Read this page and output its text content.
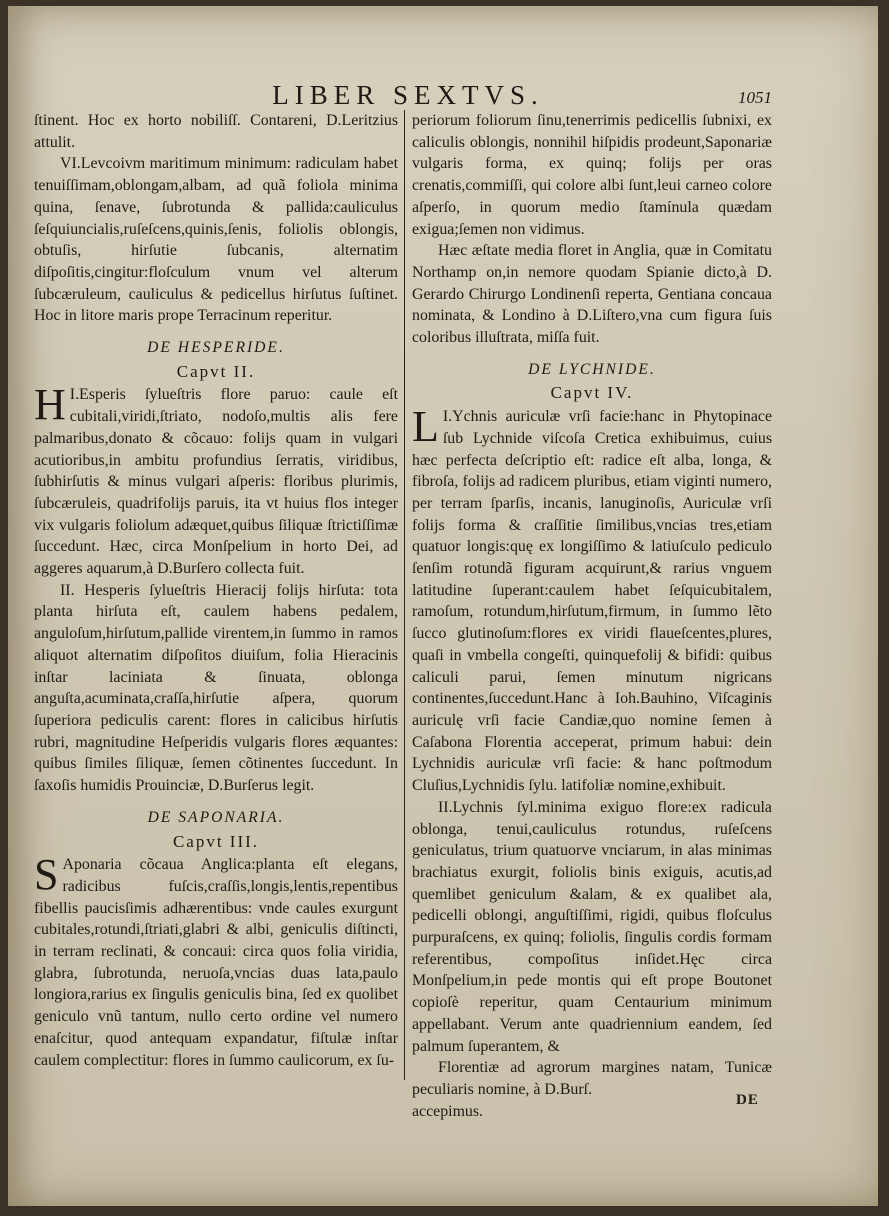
LIBER SEXTVS.	1051

ſtinent. Hoc ex horto nobiliſſ. Contareni, D.Leritzius attulit.

VI.Levcoivm maritimum minimum: radiculam habet tenuiſſimam,oblongam,albam, ad quã foliola minima quina, ſenave, ſubrotunda & pallida:cauliculus ſeſquiuncialis,ruſeſcens,quinis,ſenis, foliolis oblongis, obtuſis, hirſutie ſubcanis, alternatim diſpoſitis,cingitur:floſculum vnum vel alterum ſubcæruleum, cauliculus & pedicellus hirſutus ſuſtinet. Hoc in litore maris prope Terracinum reperitur.

DE HESPERIDE.
Capvt II.

I.
H Esperis ſylueſtris flore paruo: caule eſt cubitali,viridi,ſtriato, nodoſo,multis alis fere palmaribus,donato & cõcauo: folijs quam in vulgari acutioribus,in ambitu profundius ſerratis, viridibus, ſubhirſutis & minus vulgari aſperis: floribus plurimis, ſubcæruleis, quadrifolijs paruis, ita vt huius flos integer vix vulgaris foliolum adæquet,quibus ſiliquæ ſtrictiſſimæ ſuccedunt. Hæc, circa Monſpelium in horto Dei, ad aggeres aquarum,à D.Burſero collecta fuit.

II. Hesperis ſylueſtris Hieracij folijs hirſuta: tota planta hirſuta eſt, caulem habens pedalem, anguloſum,hirſutum,pallide virentem,in ſummo in ramos aliquot alternatim diſpoſitos diuiſum, folia Hieracinis inſtar laciniata & ſinuata, oblonga anguſta,acuminata,craſſa,hirſutie aſpera, quorum ſuperiora pediculis carent: flores in calicibus hirſutis rubri, magnitudine Heſperidis vulgaris flores æquantes: quibus ſimiles ſiliquæ, ſemen cõtinentes ſuccedunt. In ſaxoſis humidis Prouinciæ, D.Burſerus legit.

DE SAPONARIA.
Capvt III.

S Aponaria cõcaua Anglica:planta eſt elegans, radicibus fuſcis,craſſis,longis,lentis,repentibus fibellis paucisſimis adhærentibus: vnde caules exurgunt cubitales,rotundi,ſtriati,glabri & albi, geniculis diſtincti, in terram reclinati, & concaui: circa quos folia viridia, glabra, ſubrotunda, neruoſa,vncias duas lata,paulo longiora,rarius ex ſingulis geniculis bina, ſed ex quolibet geniculo vnũ tantum, nullo certo ordine vel numero enaſcitur, quod antequam expandatur, fiſtulæ inſtar caulem complectitur: flores in ſummo caulicorum, ex ſu-

periorum foliorum ſinu,tenerrimis pedicellis ſubnixi, ex caliculis oblongis, nonnihil hiſpidis prodeunt,Saponariæ vulgaris forma, ex quinq; folijs per oras crenatis,commiſſi, qui colore albi ſunt,leui carneo colore aſperſo, in quorum medio ſtamínula quædam exigua;ſemen non vidimus.

Hæc æſtate media floret in Anglia, quæ in Comitatu Northamp on,in nemore quodam Spianie dicto,à D. Gerardo Chirurgo Londinenſi reperta, Gentiana concaua nominata, & Londino à D.Liſtero,vna cum figura ſuis coloribus illuſtrata, miſſa fuit.

DE LYCHNIDE.
Capvt IV.

I.
L Ychnis auriculæ vrſi facie:hanc in Phytopinace ſub Lychnide viſcoſa Cretica exhibuimus, cuius hæc perfecta deſcriptio eſt: radice eſt alba, longa, & fibroſa, folijs ad radicem pluribus, etiam viginti numero, per terram ſparſis, incanis, lanuginoſis, Auriculæ vrſi folijs forma & craſſitie ſimilibus,vncias tres,etiam quatuor longis:quę ex longiſſimo & latiuſculo pediculo ſenſim rotundã figuram acquirunt,& rarius vnguem latitudine ſuperant:caulem habet ſeſquicubitalem, ramoſum, rotundum,hirſutum,firmum, in ſummo lẽto ſucco glutinoſum:flores ex viridi flaueſcentes,plures, quaſi in vmbella congeſti, quinquefolij & bifidi: quibus caliculi parui, ſemen minutum nigricans continentes,ſuccedunt.Hanc à Ioh.Bauhino, Viſcaginis auriculę vrſi facie Candiæ,quo nomine ſemen à Caſabona Florentia acceperat, primum habui: dein Lychnidis auriculæ vrſi facie: & hanc poſtmodum Cluſius,Lychnidis ſylu. latifoliæ nomine,exhibuit.

II.Lychnis ſyl.minima exiguo flore:ex radicula oblonga, tenui,cauliculus rotundus, ruſeſcens geniculatus, trium quatuorve vnciarum, in alas minimas brachiatus exurgit, foliolis binis exiguis, acutis,ad quemlibet geniculum &alam, & ex qualibet ala, pedicelli oblongi, anguſtiſſimi, rigidi, quibus floſculus purpuraſcens, ex quinq; foliolis, ſingulis cordis formam referentibus, compoſitus inſidet.Hęc circa Monſpelium,in pede montis qui eſt prope Boutonet copioſè reperitur, quam Centaurium minimum appellabant. Verum ante quadriennium eandem, ſed palmum ſuperantem, &

Florentiæ ad agrorum margines natam, Tunicæ peculiaris nomine, à D.Burſ.

accepimus.

DE
